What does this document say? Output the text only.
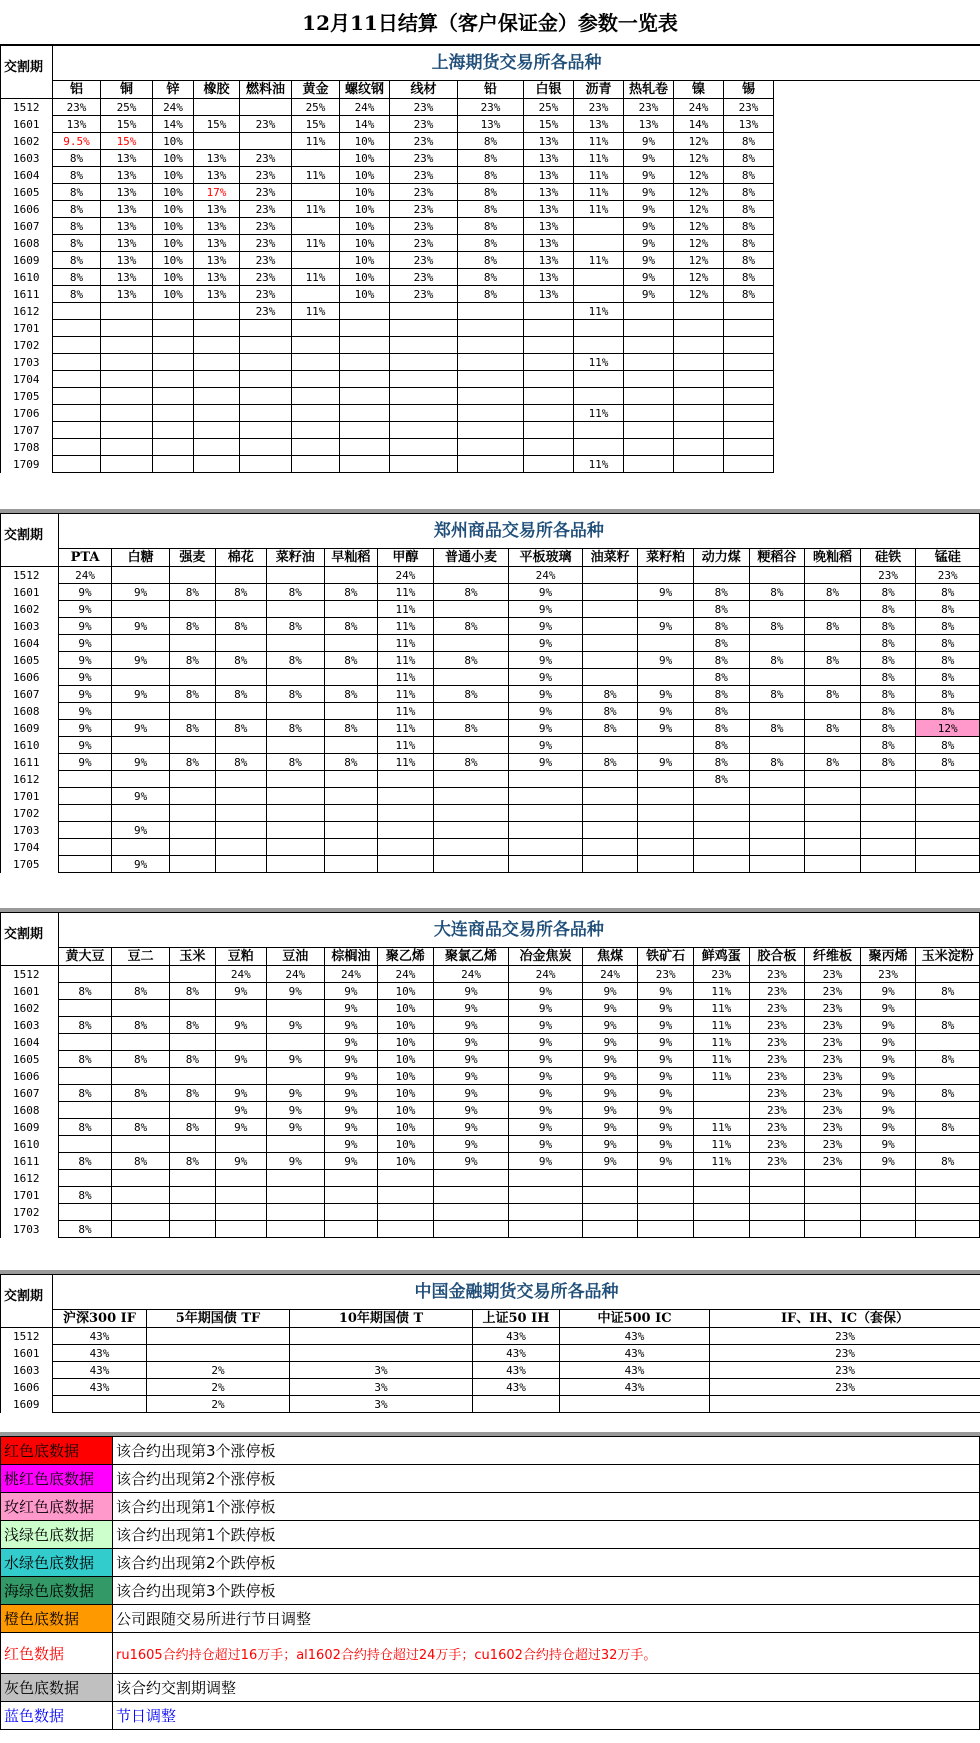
12月11日结算（客户保证金）参数一览表
交割期	上海期货交易所各品种														
	铝	铜	锌	橡胶	燃料油	黄金	螺纹钢	线材	铅	白银	沥青	热轧卷	镍	锡	
1512	23%	25%	24%			25%	24%	23%	23%	25%	23%	23%	24%	23%	
1601	13%	15%	14%	15%	23%	15%	14%	23%	13%	15%	13%	13%	14%	13%	
1602	9.5%	15%	10%			11%	10%	23%	8%	13%	11%	9%	12%	8%	
1603	8%	13%	10%	13%	23%		10%	23%	8%	13%	11%	9%	12%	8%	
1604	8%	13%	10%	13%	23%	11%	10%	23%	8%	13%	11%	9%	12%	8%	
1605	8%	13%	10%	17%	23%		10%	23%	8%	13%	11%	9%	12%	8%	
1606	8%	13%	10%	13%	23%	11%	10%	23%	8%	13%	11%	9%	12%	8%	
1607	8%	13%	10%	13%	23%		10%	23%	8%	13%		9%	12%	8%	
1608	8%	13%	10%	13%	23%	11%	10%	23%	8%	13%		9%	12%	8%	
1609	8%	13%	10%	13%	23%		10%	23%	8%	13%	11%	9%	12%	8%	
1610	8%	13%	10%	13%	23%	11%	10%	23%	8%	13%		9%	12%	8%	
1611	8%	13%	10%	13%	23%		10%	23%	8%	13%		9%	12%	8%	
1612					23%	11%					11%				
1701															
1702															
1703											11%				
1704															
1705															
1706											11%				
1707															
1708															
1709											11%				
交割期	郑州商品交易所各品种															
	PTA	白糖	强麦	棉花	菜籽油	早籼稻	甲醇	普通小麦	平板玻璃	油菜籽	菜籽粕	动力煤	粳稻谷	晚籼稻	硅铁	锰硅
1512	24%						24%		24%						23%	23%
1601	9%	9%	8%	8%	8%	8%	11%	8%	9%		9%	8%	8%	8%	8%	8%
1602	9%						11%		9%			8%			8%	8%
1603	9%	9%	8%	8%	8%	8%	11%	8%	9%		9%	8%	8%	8%	8%	8%
1604	9%						11%		9%			8%			8%	8%
1605	9%	9%	8%	8%	8%	8%	11%	8%	9%		9%	8%	8%	8%	8%	8%
1606	9%						11%		9%			8%			8%	8%
1607	9%	9%	8%	8%	8%	8%	11%	8%	9%	8%	9%	8%	8%	8%	8%	8%
1608	9%						11%		9%	8%	9%	8%			8%	8%
1609	9%	9%	8%	8%	8%	8%	11%	8%	9%	8%	9%	8%	8%	8%	8%	12%
1610	9%						11%		9%			8%			8%	8%
1611	9%	9%	8%	8%	8%	8%	11%	8%	9%	8%	9%	8%	8%	8%	8%	8%
1612												8%				
1701		9%														
1702																
1703		9%														
1704																
1705		9%														
交割期	大连商品交易所各品种															
	黄大豆	豆二	玉米	豆粕	豆油	棕榈油	聚乙烯	聚氯乙烯	冶金焦炭	焦煤	铁矿石	鲜鸡蛋	胶合板	纤维板	聚丙烯	玉米淀粉
1512				24%	24%	24%	24%	24%	24%	24%	23%	23%	23%	23%	23%	
1601	8%	8%	8%	9%	9%	9%	10%	9%	9%	9%	9%	11%	23%	23%	9%	8%
1602						9%	10%	9%	9%	9%	9%	11%	23%	23%	9%	
1603	8%	8%	8%	9%	9%	9%	10%	9%	9%	9%	9%	11%	23%	23%	9%	8%
1604						9%	10%	9%	9%	9%	9%	11%	23%	23%	9%	
1605	8%	8%	8%	9%	9%	9%	10%	9%	9%	9%	9%	11%	23%	23%	9%	8%
1606						9%	10%	9%	9%	9%	9%	11%	23%	23%	9%	
1607	8%	8%	8%	9%	9%	9%	10%	9%	9%	9%	9%		23%	23%	9%	8%
1608				9%	9%	9%	10%	9%	9%	9%	9%		23%	23%	9%	
1609	8%	8%	8%	9%	9%	9%	10%	9%	9%	9%	9%	11%	23%	23%	9%	8%
1610						9%	10%	9%	9%	9%	9%	11%	23%	23%	9%	
1611	8%	8%	8%	9%	9%	9%	10%	9%	9%	9%	9%	11%	23%	23%	9%	8%
1612																
1701	8%															
1702																
1703	8%															
交割期	中国金融期货交易所各品种					
	沪深300 IF	5年期国债 TF	10年期国债 T	上证50 IH	中证500 IC	IF、IH、IC（套保）
1512	43%			43%	43%	23%
1601	43%			43%	43%	23%
1603	43%	2%	3%	43%	43%	23%
1606	43%	2%	3%	43%	43%	23%
1609		2%	3%			
红色底数据	该合约出现第3个涨停板
桃红色底数据	该合约出现第2个涨停板
玫红色底数据	该合约出现第1个涨停板
浅绿色底数据	该合约出现第1个跌停板
水绿色底数据	该合约出现第2个跌停板
海绿色底数据	该合约出现第3个跌停板
橙色底数据	公司跟随交易所进行节日调整
红色数据	ru1605合约持仓超过16万手；al1602合约持仓超过24万手；cu1602合约持仓超过32万手。
灰色底数据	该合约交割期调整
蓝色数据	节日调整
